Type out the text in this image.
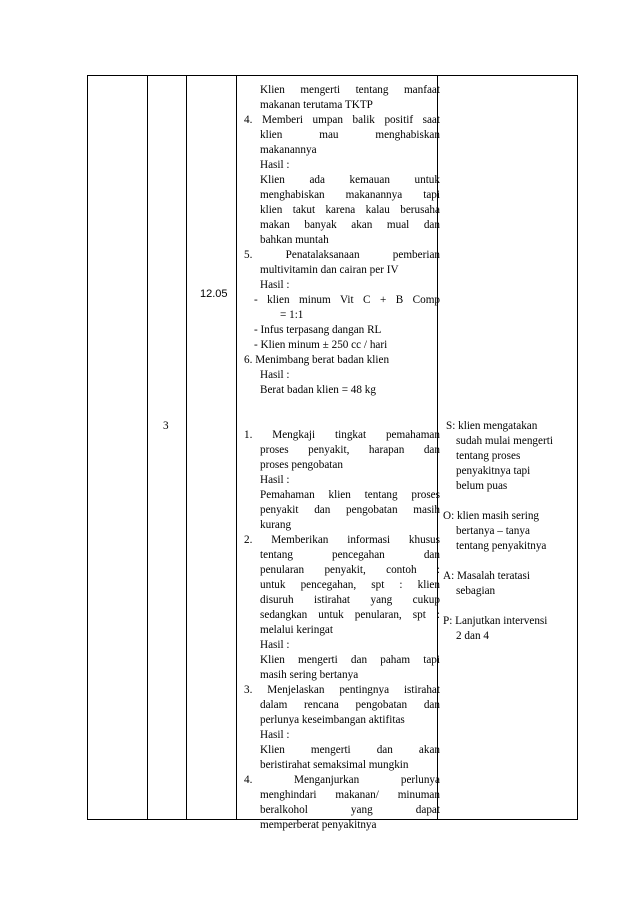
3
12.05
Klien mengerti tentang manfaat
makanan terutama TKTP
4. Memberi umpan balik positif saat
klien mau menghabiskan
makanannya
Hasil :
Klien ada kemauan untuk
menghabiskan makanannya tapi
klien takut karena kalau berusaha
makan banyak akan mual dan
bahkan muntah
5. Penatalaksanaan pemberian
multivitamin dan cairan per IV
Hasil :
- klien minum Vit C + B Comp
= 1:1
- Infus terpasang dangan RL
- Klien minum ± 250 cc / hari
6. Menimbang berat badan klien
Hasil :
Berat badan klien = 48 kg
1. Mengkaji tingkat pemahaman
proses penyakit, harapan dan
proses pengobatan
Hasil :
Pemahaman klien tentang proses
penyakit dan pengobatan masih
kurang
2. Memberikan informasi khusus
tentang pencegahan dan
penularan penyakit, contoh :
untuk pencegahan, spt : klien
disuruh istirahat yang cukup
sedangkan untuk penularan, spt :
melalui keringat
Hasil :
Klien mengerti dan paham tapi
masih sering bertanya
3. Menjelaskan pentingnya istirahat
dalam rencana pengobatan dan
perlunya keseimbangan aktifitas
Hasil :
Klien mengerti dan akan
beristirahat semaksimal mungkin
4. Menganjurkan perlunya
menghindari makanan/ minuman
beralkohol yang dapat
memperberat penyakitnya
S: klien mengatakan
sudah mulai mengerti
tentang proses
penyakitnya tapi
belum puas
O: klien masih sering
bertanya – tanya
tentang penyakitnya
A: Masalah teratasi
sebagian
P: Lanjutkan intervensi
2 dan 4
